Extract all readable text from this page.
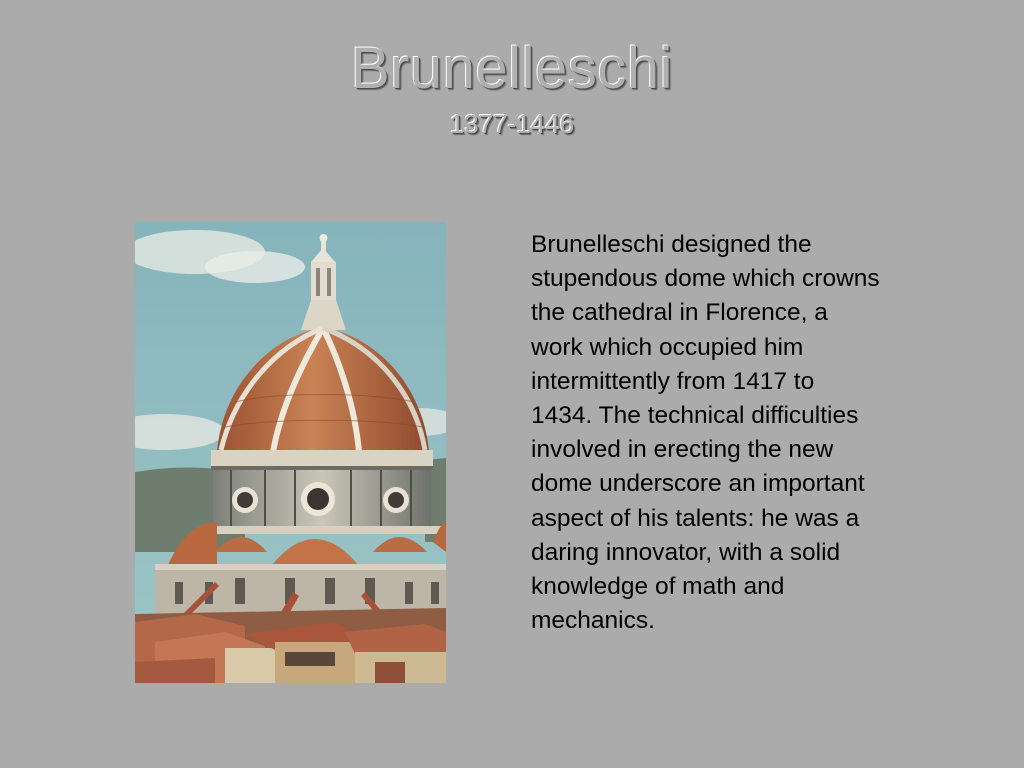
Brunelleschi
1377-1446
Brunelleschi designed the
stupendous dome which crowns
the cathedral in Florence, a
work which occupied him
intermittently from 1417 to
1434. The technical difficulties
involved in erecting the new
dome underscore an important
aspect of his talents: he was a
daring innovator, with a solid
knowledge of math and
mechanics.
